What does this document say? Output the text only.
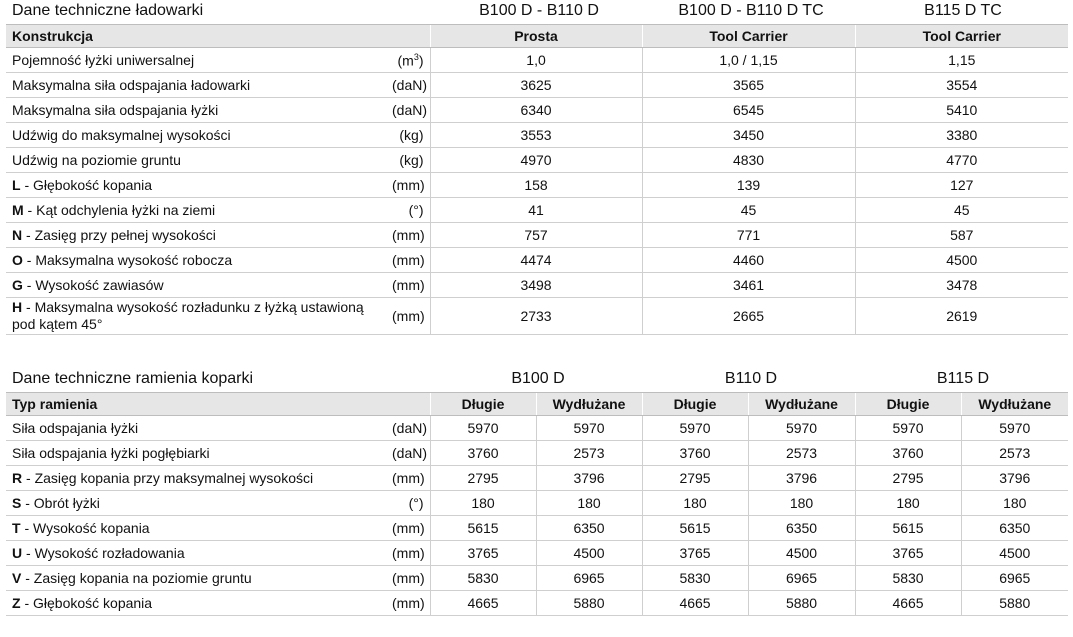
Dane techniczne ładowarki	B100 D - B110 D	B100 D - B110 D TC	B115 D TC
Konstrukcja		Prosta	Tool Carrier	Tool Carrier
Pojemność łyżki uniwersalnej	$(m^3)$	1,0	1,0 / 1,15	1,15
Maksymalna siła odspajania ładowarki	(daN)	3625	3565	3554
Maksymalna siła odspajania łyżki	(daN)	6340	6545	5410
Udźwig do maksymalnej wysokości	(kg)	3553	3450	3380
Udźwig na poziomie gruntu	(kg)	4970	4830	4770
L - Głębokość kopania	(mm)	158	139	127
M - Kąt odchylenia łyżki na ziemi	(°)	41	45	45
N - Zasięg przy pełnej wysokości	(mm)	757	771	587
O - Maksymalna wysokość robocza	(mm)	4474	4460	4500
G - Wysokość zawiasów	(mm)	3498	3461	3478
H - Maksymalna wysokość rozładunku z łyżką ustawioną pod kątem 45°	(mm)	2733	2665	2619
Dane techniczne ramienia koparki	B100 D	B110 D	B115 D
Typ ramienia		Długie	Wydłużane	Długie	Wydłużane	Długie	Wydłużane
Siła odspajania łyżki	(daN)	5970	5970	5970	5970	5970	5970
Siła odspajania łyżki pogłębiarki	(daN)	3760	2573	3760	2573	3760	2573
R - Zasięg kopania przy maksymalnej wysokości	(mm)	2795	3796	2795	3796	2795	3796
S - Obrót łyżki	(°)	180	180	180	180	180	180
T - Wysokość kopania	(mm)	5615	6350	5615	6350	5615	6350
U - Wysokość rozładowania	(mm)	3765	4500	3765	4500	3765	4500
V - Zasięg kopania na poziomie gruntu	(mm)	5830	6965	5830	6965	5830	6965
Z - Głębokość kopania	(mm)	4665	5880	4665	5880	4665	5880
